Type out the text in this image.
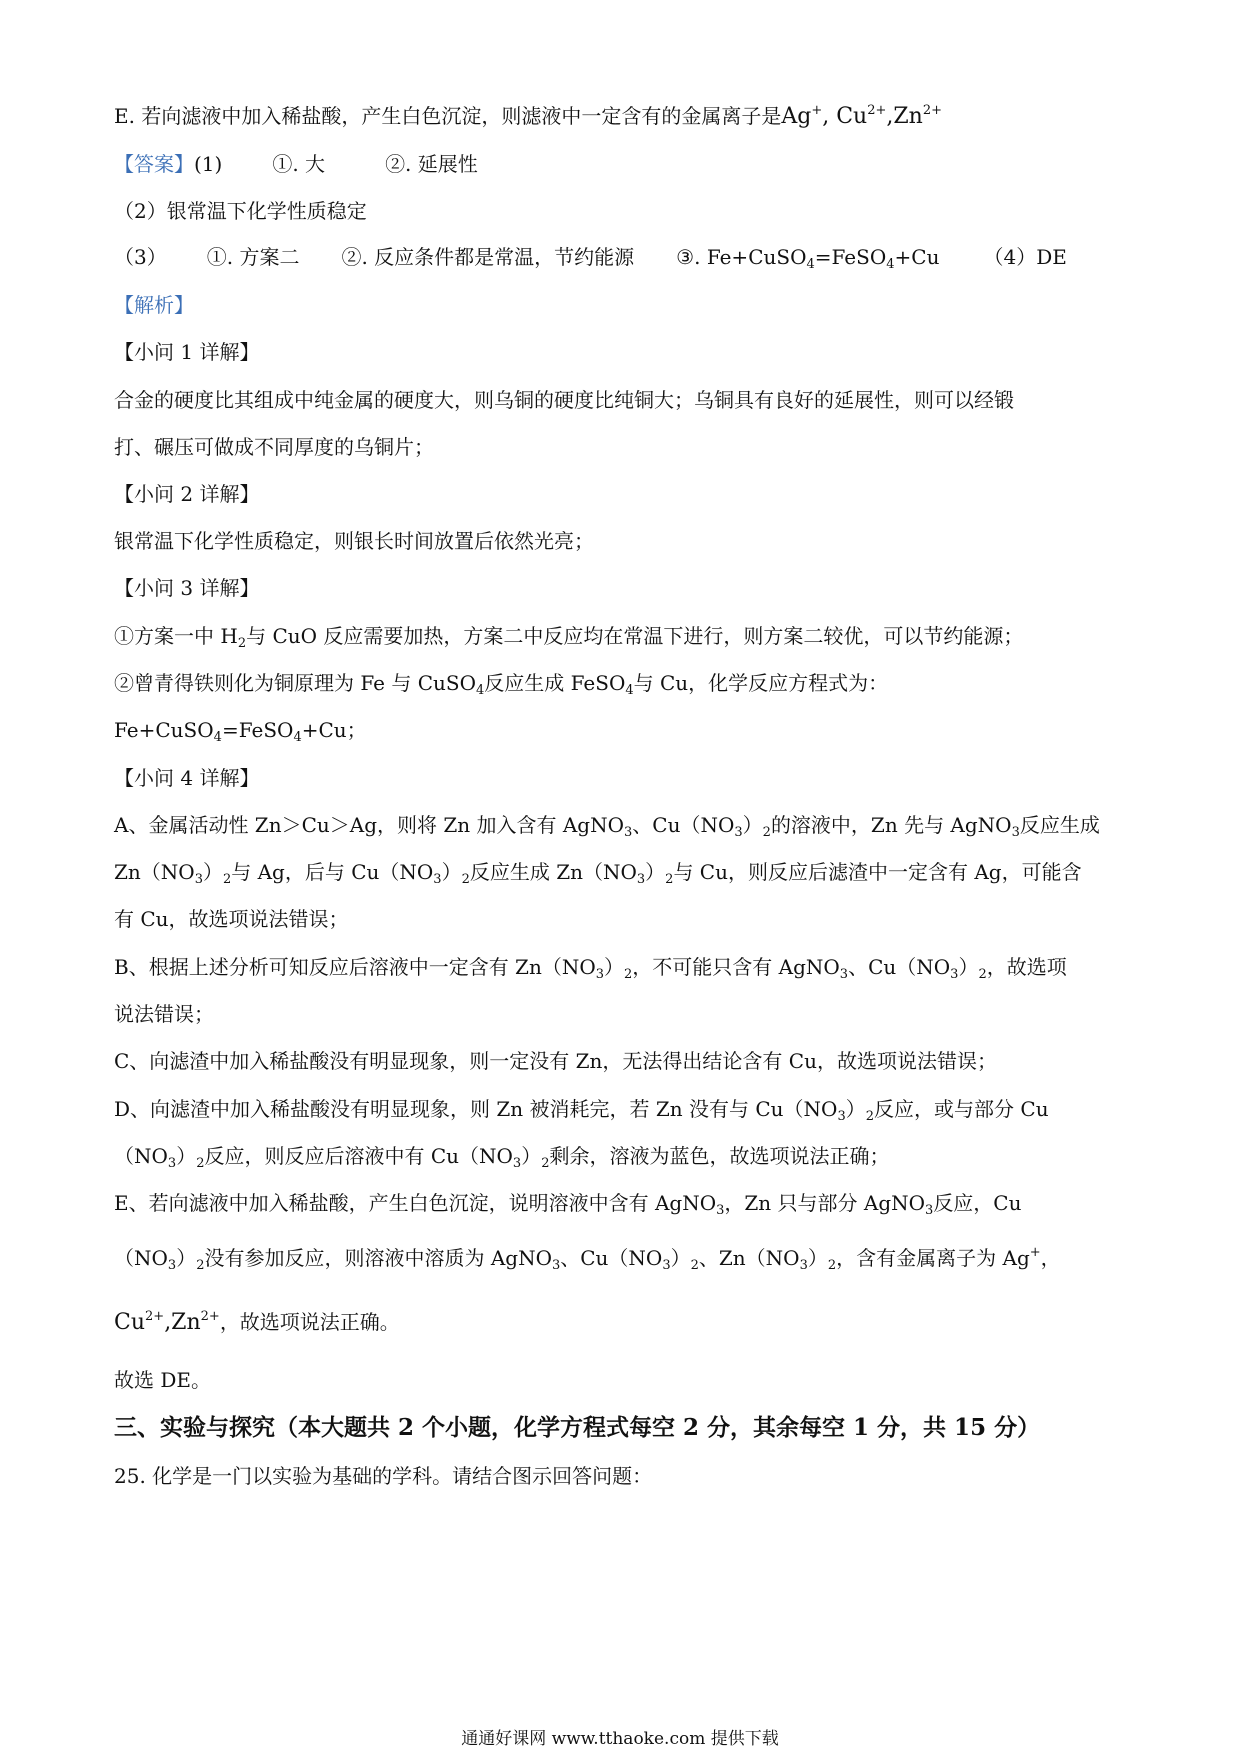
E. 若向滤液中加入稀盐酸，产生白色沉淀，则滤液中一定含有的金属离子是Ag+, $Cu^{2+},Zn^{2+}$
【答案】(1)	①. 大	②. 延展性
（2）银常温下化学性质稳定
（3） ①. 方案二 ②. 反应条件都是常温，节约能源 ③. Fe+CuSO$_4$=FeSO$_4$+Cu （4）DE
【解析】
【小问 1 详解】
合金的硬度比其组成中纯金属的硬度大，则乌铜的硬度比纯铜大；乌铜具有良好的延展性，则可以经锻
打、碾压可做成不同厚度的乌铜片；
【小问 2 详解】
银常温下化学性质稳定，则银长时间放置后依然光亮；
【小问 3 详解】
①方案一中 $H_2$与 CuO 反应需要加热，方案二中反应均在常温下进行，则方案二较优，可以节约能源；
②曾青得铁则化为铜原理为 Fe 与 CuSO$_4$反应生成 FeSO$_4$与 Cu，化学反应方程式为：
Fe+CuSO$_4$=FeSO$_4$+Cu；
【小问 4 详解】
A、金属活动性 Zn＞Cu＞Ag，则将 Zn 加入含有 AgNO$_3$、$Cu(NO_3)_2$的溶液中，Zn 先与 AgNO$_3$反应生成
$Zn(NO_3)_2$与 Ag，后与 $Cu(NO_3)_2$反应生成 $Zn(NO_3)_2$与 Cu，则反应后滤渣中一定含有 Ag，可能含
有 Cu，故选项说法错误；
B、根据上述分析可知反应后溶液中一定含有 $Zn(NO_3)_2$，不可能只含有 AgNO$_3$、$Cu(NO_3)_2$，故选项
说法错误；
C、向滤渣中加入稀盐酸没有明显现象，则一定没有 Zn，无法得出结论含有 Cu，故选项说法错误；
D、向滤渣中加入稀盐酸没有明显现象，则 Zn 被消耗完，若 Zn 没有与 $Cu(NO_3)_2$反应，或与部分 Cu
$(NO_3)_2$反应，则反应后溶液中有 $Cu(NO_3)_2$剩余，溶液为蓝色，故选项说法正确；
E、若向滤液中加入稀盐酸，产生白色沉淀，说明溶液中含有 AgNO$_3$，Zn 只与部分 AgNO$_3$反应，Cu
$(NO_3)_2$没有参加反应，则溶液中溶质为 AgNO$_3$、$Cu(NO_3)_2$、$Zn(NO_3)_2$，含有金属离子为 Ag+，
$Cu^{2+},Zn^{2+}$，故选项说法正确。
故选 DE。
三、实验与探究（本大题共 2 个小题，化学方程式每空 2 分，其余每空 1 分，共 15 分）
25. 化学是一门以实验为基础的学科。请结合图示回答问题：
通通好课网 www.tthaoke.com 提供下载
